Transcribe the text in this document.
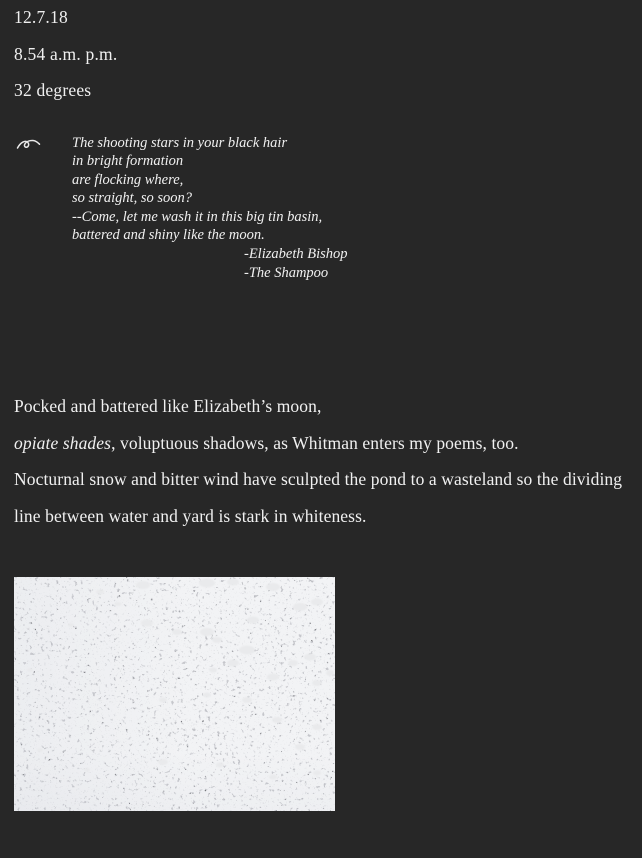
12.7.18

8.54 a.m. p.m.

32 degrees

The shooting stars in your black hair

in bright formation

are flocking where,

so straight, so soon?

--Come, let me wash it in this big tin basin,

battered and shiny like the moon.

-Elizabeth Bishop

-The Shampoo

Pocked and battered like Elizabeth’s moon,

opiate shades, voluptuous shadows, as Whitman enters my poems, too.

Nocturnal snow and bitter wind have sculpted the pond to a wasteland so the dividing line between water and yard is stark in whiteness.
